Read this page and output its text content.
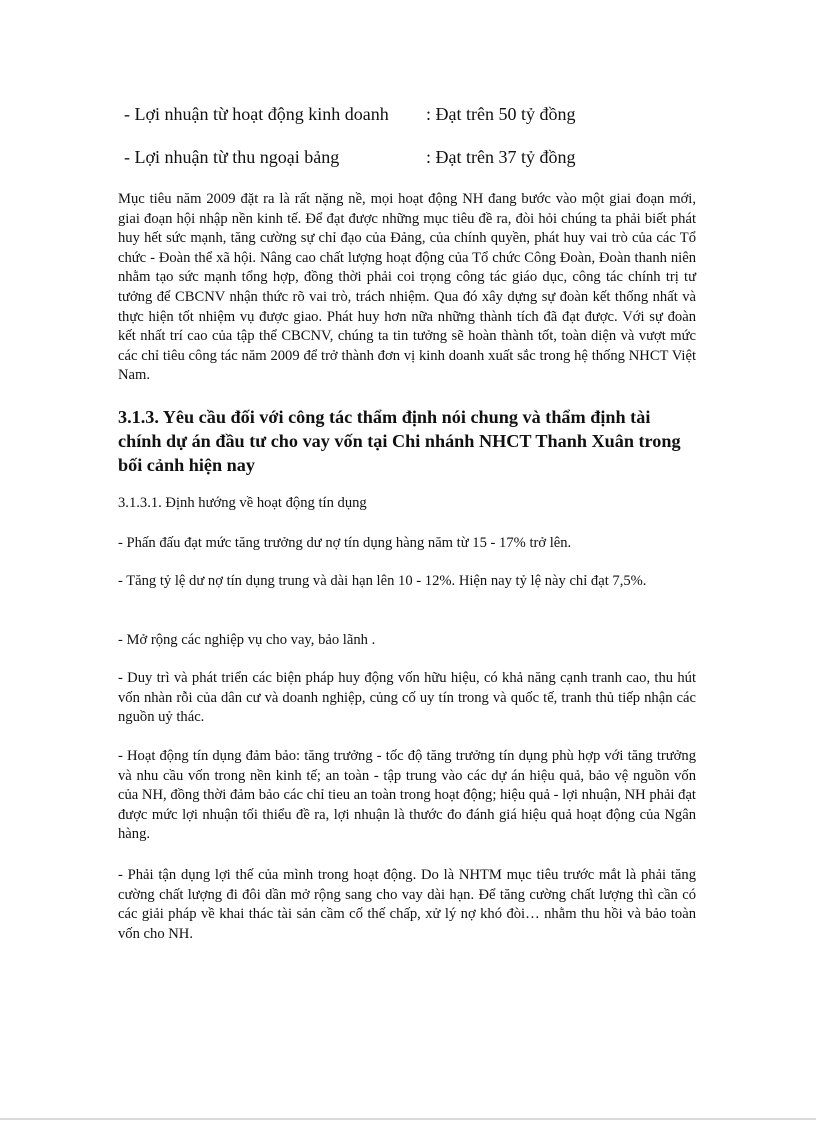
- Lợi nhuận từ hoạt động kinh doanh : Đạt trên 50 tỷ đồng
- Lợi nhuận từ thu ngoại bảng	: Đạt trên 37 tỷ đồng

Mục tiêu năm 2009 đặt ra là rất nặng nề, mọi hoạt động NH đang bước vào một giai đoạn mới, giai đoạn hội nhập nền kinh tế. Để đạt được những mục tiêu đề ra, đòi hỏi chúng ta phải biết phát huy hết sức mạnh, tăng cường sự chỉ đạo của Đảng, của chính quyền, phát huy vai trò của các Tổ chức - Đoàn thể xã hội. Nâng cao chất lượng hoạt động của Tổ chức Công Đoàn, Đoàn thanh niên nhằm tạo sức mạnh tổng hợp, đồng thời phải coi trọng công tác giáo dục, công tác chính trị tư tưởng để CBCNV nhận thức rõ vai trò, trách nhiệm. Qua đó xây dựng sự đoàn kết thống nhất và thực hiện tốt nhiệm vụ được giao. Phát huy hơn nữa những thành tích đã đạt được. Với sự đoàn kết nhất trí cao của tập thể CBCNV, chúng ta tin tưởng sẽ hoàn thành tốt, toàn diện và vượt mức các chỉ tiêu công tác năm 2009 để trở thành đơn vị kinh doanh xuất sắc trong hệ thống NHCT Việt Nam.

3.1.3. Yêu cầu đối với công tác thẩm định nói chung và thẩm định tài chính dự án đầu tư cho vay vốn tại Chi nhánh NHCT Thanh Xuân trong bối cảnh hiện nay

3.1.3.1. Định hướng về hoạt động tín dụng

- Phấn đấu đạt mức tăng trưởng dư nợ tín dụng hàng năm từ 15 - 17% trở lên.

- Tăng tỷ lệ dư nợ tín dụng trung và dài hạn lên 10 - 12%. Hiện nay tỷ lệ này chỉ đạt 7,5%.

- Mở rộng các nghiệp vụ cho vay, bảo lãnh .

- Duy trì và phát triển các biện pháp huy động vốn hữu hiệu, có khả năng cạnh tranh cao, thu hút vốn nhàn rỗi của dân cư và doanh nghiệp, củng cố uy tín trong và quốc tế, tranh thủ tiếp nhận các nguồn uỷ thác.

- Hoạt động tín dụng đảm bảo: tăng trưởng - tốc độ tăng trưởng tín dụng phù hợp với tăng trưởng và nhu cầu vốn trong nền kinh tế; an toàn - tập trung vào các dự án hiệu quả, bảo vệ nguồn vốn của NH, đồng thời đảm bảo các chỉ tieu an toàn trong hoạt động; hiệu quả - lợi nhuận, NH phải đạt được mức lợi nhuận tối thiểu đề ra, lợi nhuận là thước đo đánh giá hiệu quả hoạt động của Ngân hàng.

- Phải tận dụng lợi thế của mình trong hoạt động. Do là NHTM mục tiêu trước mắt là phải tăng cường chất lượng đi đôi dần mở rộng sang cho vay dài hạn. Để tăng cường chất lượng thì cần có các giải pháp về khai thác tài sản cầm cố thế chấp, xử lý nợ khó đòi… nhằm thu hồi và bảo toàn vốn cho NH.
